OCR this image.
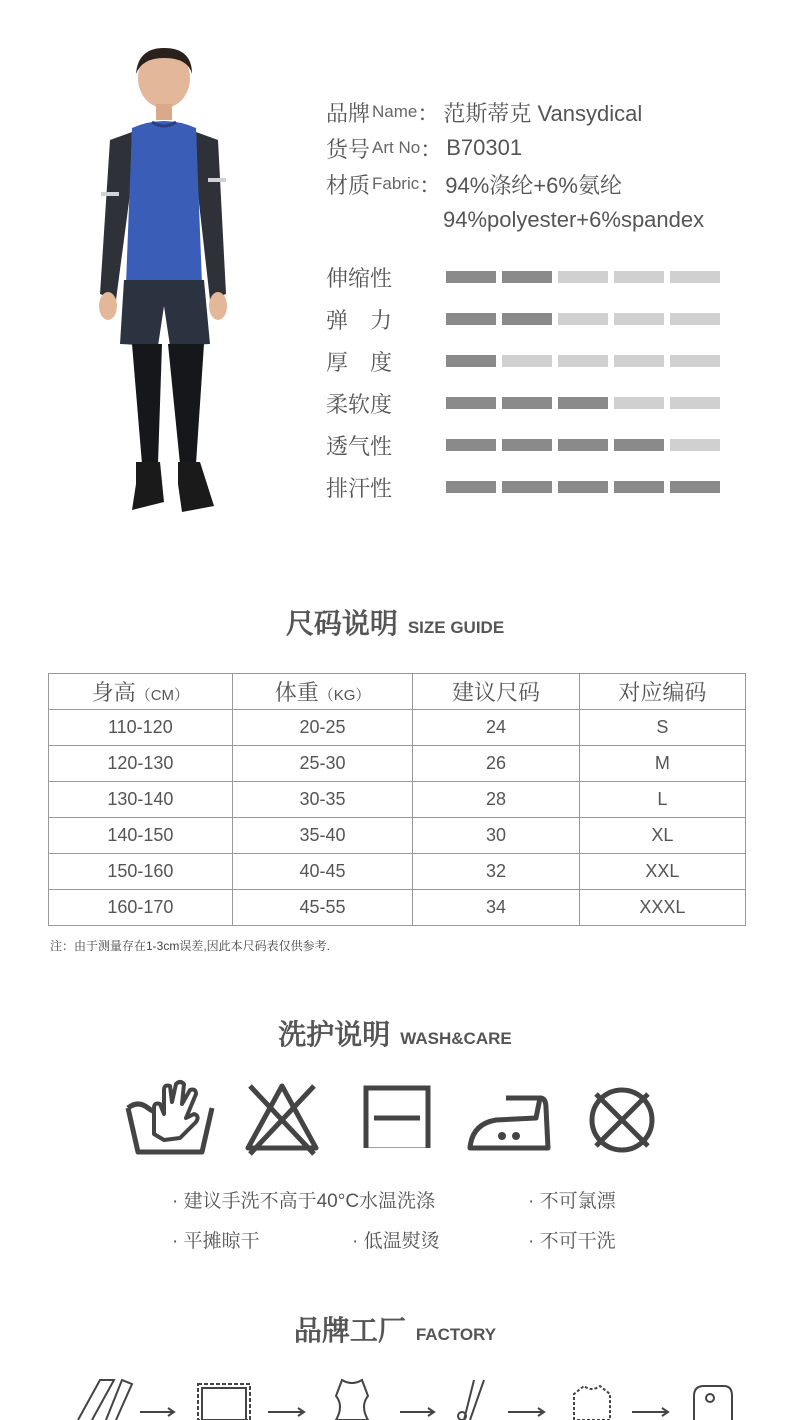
品牌 Name ： 范斯蒂克 Vansydical
货号 Art No ： B70301
材质 Fabric ： 94%涤纶+6%氨纶
94%polyester+6%spandex
伸缩性
弹　力
厚　度
柔软度
透气性
排汗性
尺码说明 SIZE GUIDE
身高（CM）	体重（KG）	建议尺码	对应编码
110-120	20-25	24	S
120-130	25-30	26	M
130-140	30-35	28	L
140-150	35-40	30	XL
150-160	40-45	32	XXL
160-170	45-55	34	XXXL
注：由于测量存在1-3cm误差,因此本尺码表仅供参考.
洗护说明 WASH&CARE
· 建议手洗不高于40°C水温洗涤	· 不可氯漂
· 平摊晾干	· 低温熨烫	· 不可干洗
品牌工厂 FACTORY
